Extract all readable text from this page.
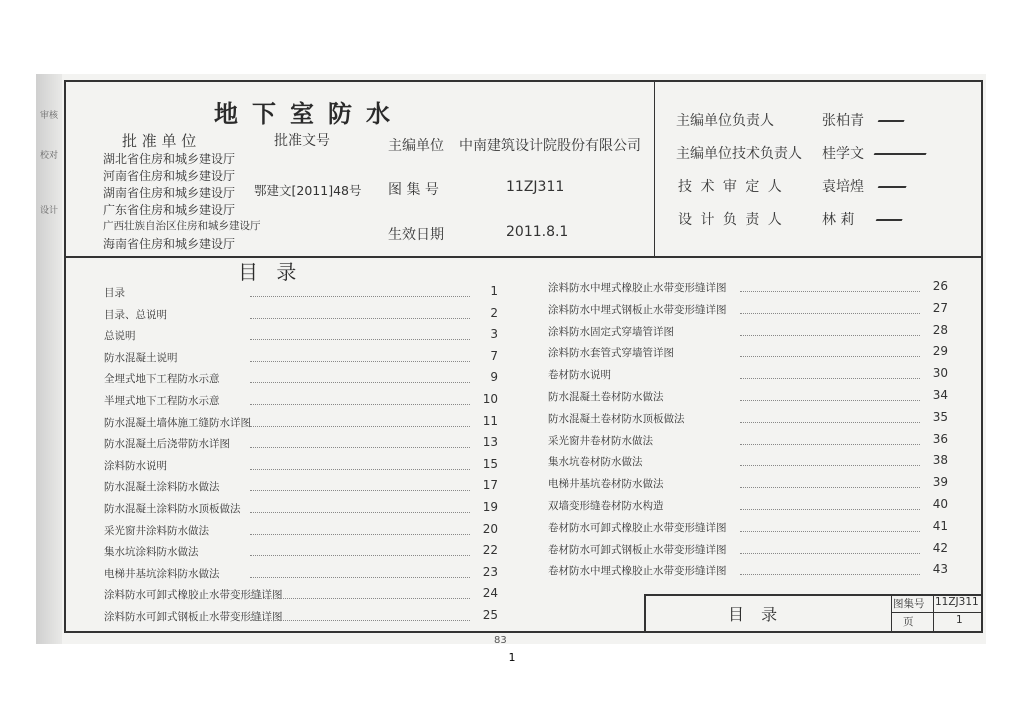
审核
校对
设计
地下室防水
批 准 单 位	批准文号
湖北省住房和城乡建设厅
河南省住房和城乡建设厅
湖南省住房和城乡建设厅
广东省住房和城乡建设厅
广西壮族自治区住房和城乡建设厅
海南省住房和城乡建设厅
鄂建文[2011]48号
主编单位 中南建筑设计院股份有限公司
图 集 号	11ZJ311
生效日期	2011.8.1
主编单位负责人	张柏青
主编单位技术负责人 桂学文
技 术 审 定 人	袁培煌
设 计 负 责 人	林 莉
目 录
目录	1
目录、总说明	2
总说明	3
防水混凝土说明	7
全埋式地下工程防水示意	9
半埋式地下工程防水示意	10
防水混凝土墙体施工缝防水详图	11
防水混凝土后浇带防水详图	13
涂料防水说明	15
防水混凝土涂料防水做法	17
防水混凝土涂料防水顶板做法	19
采光窗井涂料防水做法	20
集水坑涂料防水做法	22
电梯井基坑涂料防水做法	23
涂料防水可卸式橡胶止水带变形缝详图	24
涂料防水可卸式钢板止水带变形缝详图	25
涂料防水中埋式橡胶止水带变形缝详图	26
涂料防水中埋式钢板止水带变形缝详图	27
涂料防水固定式穿墙管详图	28
涂料防水套管式穿墙管详图	29
卷材防水说明	30
防水混凝土卷材防水做法	34
防水混凝土卷材防水顶板做法	35
采光窗井卷材防水做法	36
集水坑卷材防水做法	38
电梯井基坑卷材防水做法	39
双墙变形缝卷材防水构造	40
卷材防水可卸式橡胶止水带变形缝详图	41
卷材防水可卸式钢板止水带变形缝详图	42
卷材防水中埋式橡胶止水带变形缝详图	43
目 录
图集号 11ZJ311
页	1
83
1
